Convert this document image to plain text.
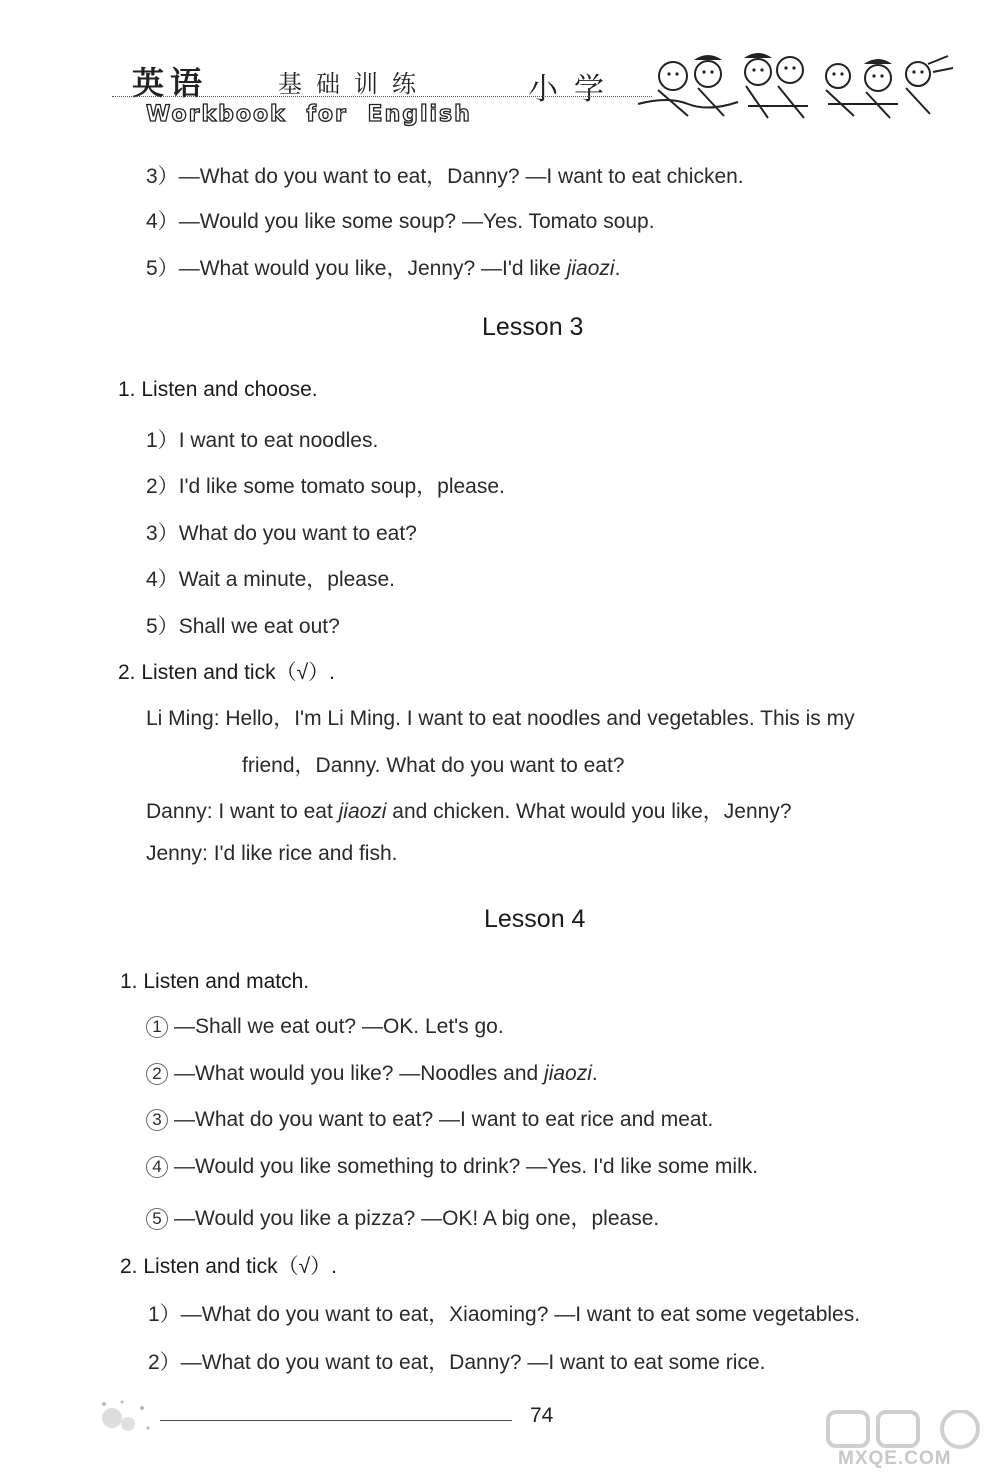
英语	基础训练	小学
Workbook for English
3）—What do you want to eat，Danny? —I want to eat chicken.
4）—Would you like some soup? —Yes. Tomato soup.
5）—What would you like，Jenny? —I'd like jiaozi.
Lesson 3
1. Listen and choose.
1）I want to eat noodles.
2）I'd like some tomato soup，please.
3）What do you want to eat?
4）Wait a minute，please.
5）Shall we eat out?
2. Listen and tick（√）.
Li Ming: Hello，I'm Li Ming. I want to eat noodles and vegetables. This is my
friend，Danny. What do you want to eat?
Danny: I want to eat jiaozi and chicken. What would you like，Jenny?
Jenny: I'd like rice and fish.
Lesson 4
1. Listen and match.
1 —Shall we eat out? —OK. Let's go.
2 —What would you like? —Noodles and jiaozi.
3 —What do you want to eat? —I want to eat rice and meat.
4 —Would you like something to drink? —Yes. I'd like some milk.
5 —Would you like a pizza? —OK! A big one，please.
2. Listen and tick（√）.
1）—What do you want to eat，Xiaoming? —I want to eat some vegetables.
2）—What do you want to eat，Danny? —I want to eat some rice.
74
MXQE.COM
